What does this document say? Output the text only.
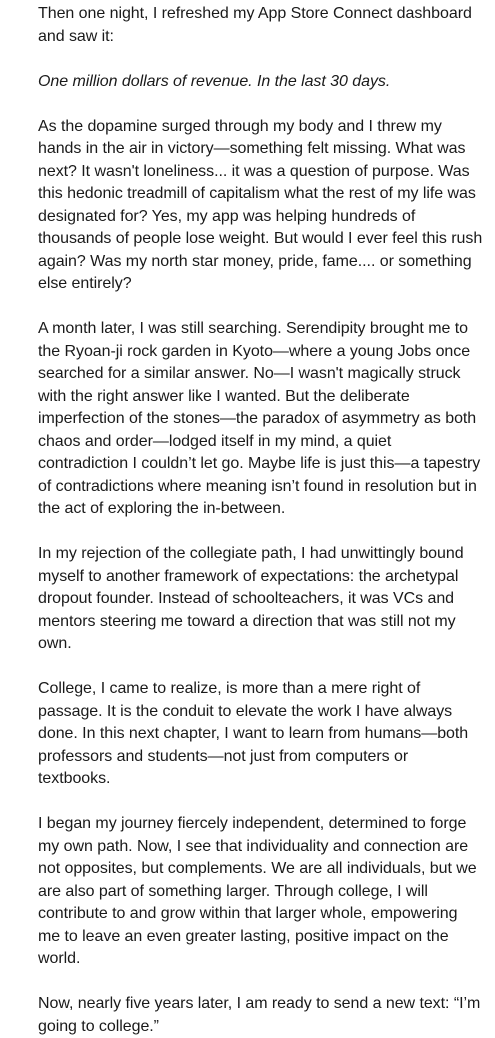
Then one night, I refreshed my App Store Connect dashboard and saw it:

One million dollars of revenue. In the last 30 days.

As the dopamine surged through my body and I threw my hands in the air in victory—something felt missing. What was next? It wasn't loneliness... it was a question of purpose. Was this hedonic treadmill of capitalism what the rest of my life was designated for? Yes, my app was helping hundreds of thousands of people lose weight. But would I ever feel this rush again? Was my north star money, pride, fame.... or something else entirely?

A month later, I was still searching. Serendipity brought me to the Ryoan-ji rock garden in Kyoto—where a young Jobs once searched for a similar answer. No—I wasn't magically struck with the right answer like I wanted. But the deliberate imperfection of the stones—the paradox of asymmetry as both chaos and order—lodged itself in my mind, a quiet contradiction I couldn’t let go. Maybe life is just this—a tapestry of contradictions where meaning isn’t found in resolution but in the act of exploring the in-between.

In my rejection of the collegiate path, I had unwittingly bound myself to another framework of expectations: the archetypal dropout founder. Instead of schoolteachers, it was VCs and mentors steering me toward a direction that was still not my own.

College, I came to realize, is more than a mere right of passage. It is the conduit to elevate the work I have always done. In this next chapter, I want to learn from humans—both professors and students—not just from computers or textbooks.

I began my journey fiercely independent, determined to forge my own path. Now, I see that individuality and connection are not opposites, but complements. We are all individuals, but we are also part of something larger. Through college, I will contribute to and grow within that larger whole, empowering me to leave an even greater lasting, positive impact on the world.

Now, nearly five years later, I am ready to send a new text: “I’m going to college.”
